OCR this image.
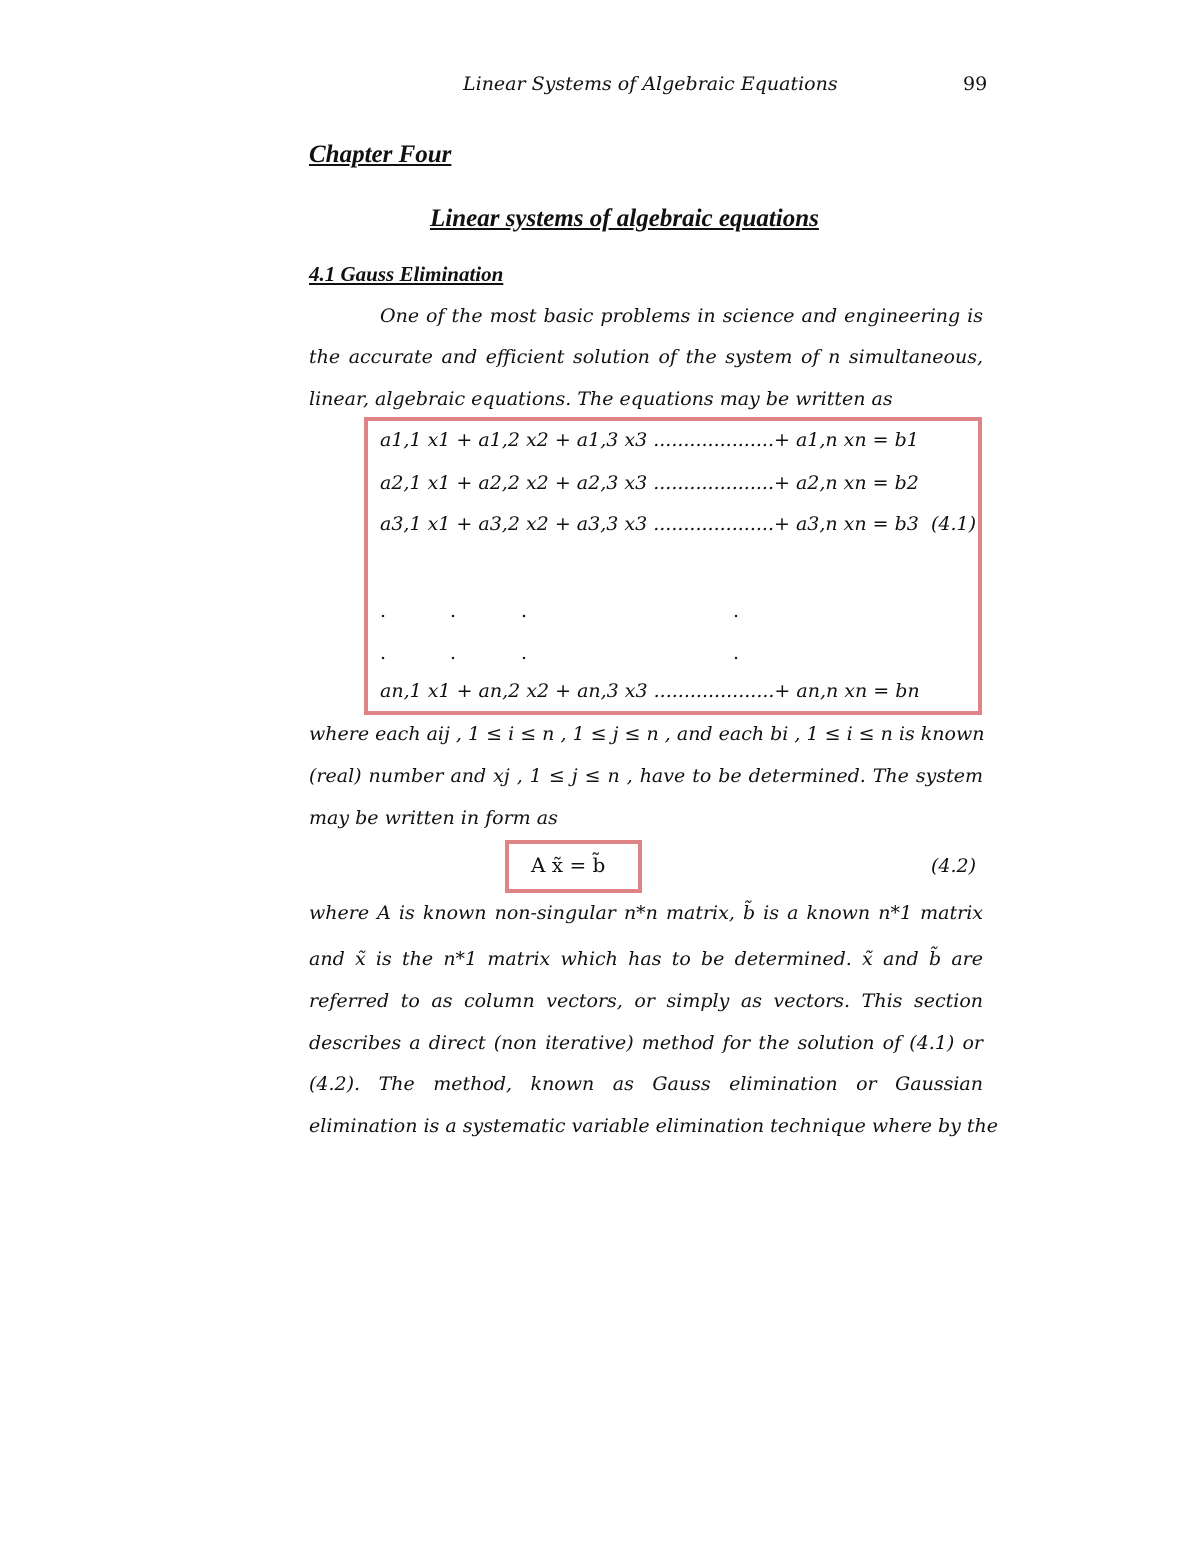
Linear Systems of Algebraic Equations	99
Chapter Four
Linear systems of algebraic equations
4.1 Gauss Elimination
One of the most basic problems in science and engineering is
the accurate and efficient solution of the system of n simultaneous,
linear, algebraic equations. The equations may be written as
a1,1 x1 + a1,2 x2 + a1,3 x3 ....................+ a1,n xn = b1
a2,1 x1 + a2,2 x2 + a2,3 x3 ....................+ a2,n xn = b2
a3,1 x1 + a3,2 x2 + a3,3 x3 ....................+ a3,n xn = b3 (4.1)
.	.	.	.
.	.	.	.
an,1 x1 + an,2 x2 + an,3 x3 ....................+ an,n xn = bn
where each aij , 1 ≤ i ≤ n , 1 ≤ j ≤ n , and each bi , 1 ≤ i ≤ n is known
(real) number and xj , 1 ≤ j ≤ n , have to be determined. The system
may be written in form as
A x̃ = b̃	(4.2)
where A is known non-singular n*n matrix, b̃ is a known n*1 matrix
and x̃ is the n*1 matrix which has to be determined. x̃ and b̃ are
referred to as column vectors, or simply as vectors. This section
describes a direct (non iterative) method for the solution of (4.1) or
(4.2). The method, known as Gauss elimination or Gaussian
elimination is a systematic variable elimination technique where by the
